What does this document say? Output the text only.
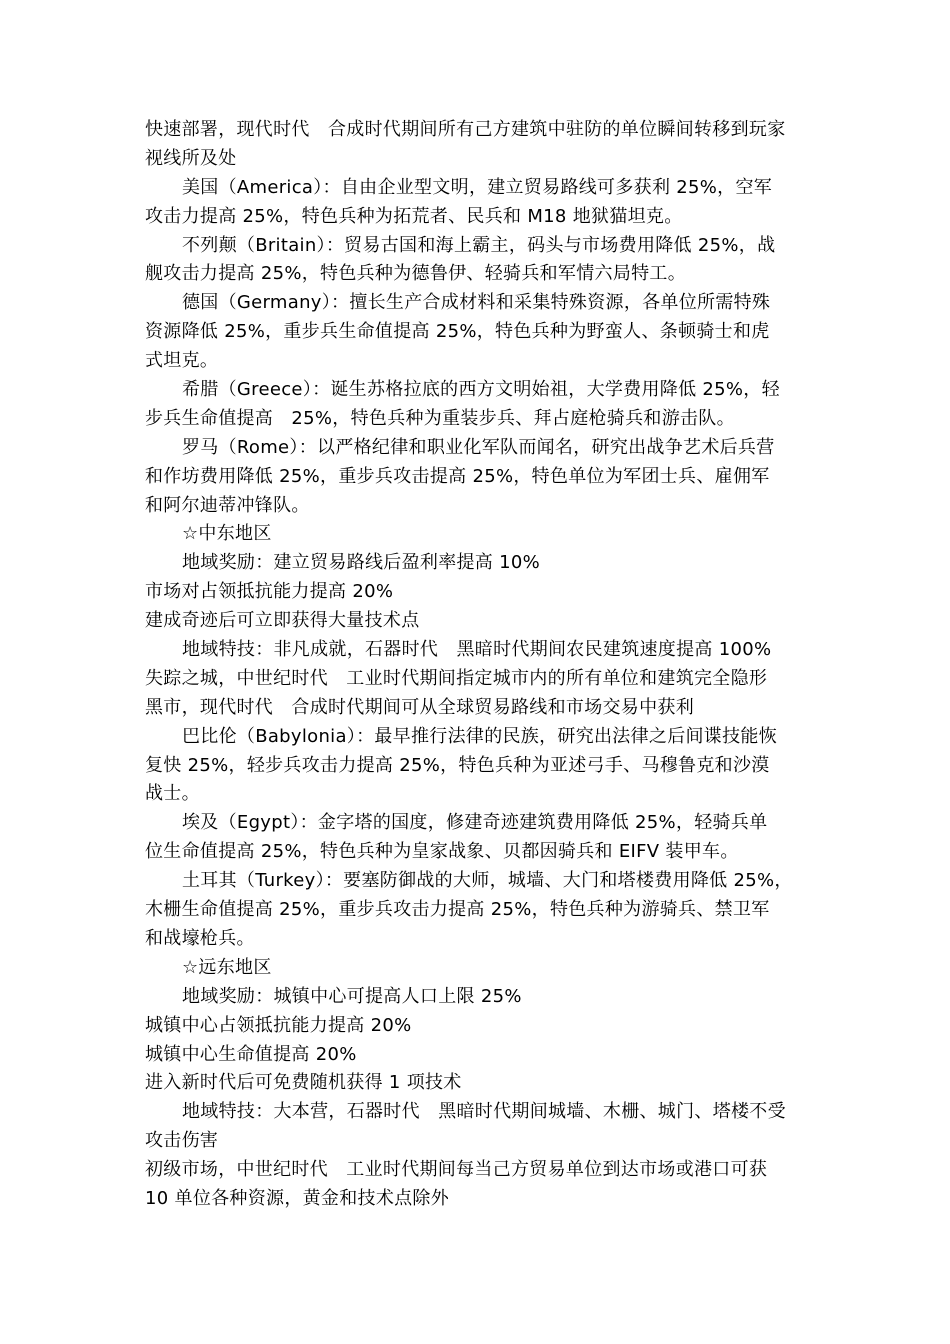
快速部署，现代时代　合成时代期间所有己方建筑中驻防的单位瞬间转移到玩家
视线所及处
美国（America）：自由企业型文明，建立贸易路线可多获利 25%，空军
攻击力提高 25%，特色兵种为拓荒者、民兵和 M18 地狱猫坦克。
不列颠（Britain）：贸易古国和海上霸主，码头与市场费用降低 25%，战
舰攻击力提高 25%，特色兵种为德鲁伊、轻骑兵和军情六局特工。
德国（Germany）：擅长生产合成材料和采集特殊资源，各单位所需特殊
资源降低 25%，重步兵生命值提高 25%，特色兵种为野蛮人、条顿骑士和虎
式坦克。
希腊（Greece）：诞生苏格拉底的西方文明始祖，大学费用降低 25%，轻
步兵生命值提高　25%，特色兵种为重装步兵、拜占庭枪骑兵和游击队。
罗马（Rome）：以严格纪律和职业化军队而闻名，研究出战争艺术后兵营
和作坊费用降低 25%，重步兵攻击提高 25%，特色单位为军团士兵、雇佣军
和阿尔迪蒂冲锋队。
☆中东地区
地域奖励：建立贸易路线后盈利率提高 10%
市场对占领抵抗能力提高 20%
建成奇迹后可立即获得大量技术点
地域特技：非凡成就，石器时代　黑暗时代期间农民建筑速度提高 100%
失踪之城，中世纪时代　工业时代期间指定城市内的所有单位和建筑完全隐形
黑市，现代时代　合成时代期间可从全球贸易路线和市场交易中获利
巴比伦（Babylonia）：最早推行法律的民族，研究出法律之后间谍技能恢
复快 25%，轻步兵攻击力提高 25%，特色兵种为亚述弓手、马穆鲁克和沙漠
战士。
埃及（Egypt）：金字塔的国度，修建奇迹建筑费用降低 25%，轻骑兵单
位生命值提高 25%，特色兵种为皇家战象、贝都因骑兵和 EIFV 装甲车。
土耳其（Turkey）：要塞防御战的大师，城墙、大门和塔楼费用降低 25%，
木栅生命值提高 25%，重步兵攻击力提高 25%，特色兵种为游骑兵、禁卫军
和战壕枪兵。
☆远东地区
地域奖励：城镇中心可提高人口上限 25%
城镇中心占领抵抗能力提高 20%
城镇中心生命值提高 20%
进入新时代后可免费随机获得 1 项技术
地域特技：大本营，石器时代　黑暗时代期间城墙、木栅、城门、塔楼不受
攻击伤害
初级市场，中世纪时代　工业时代期间每当己方贸易单位到达市场或港口可获
10 单位各种资源，黄金和技术点除外
